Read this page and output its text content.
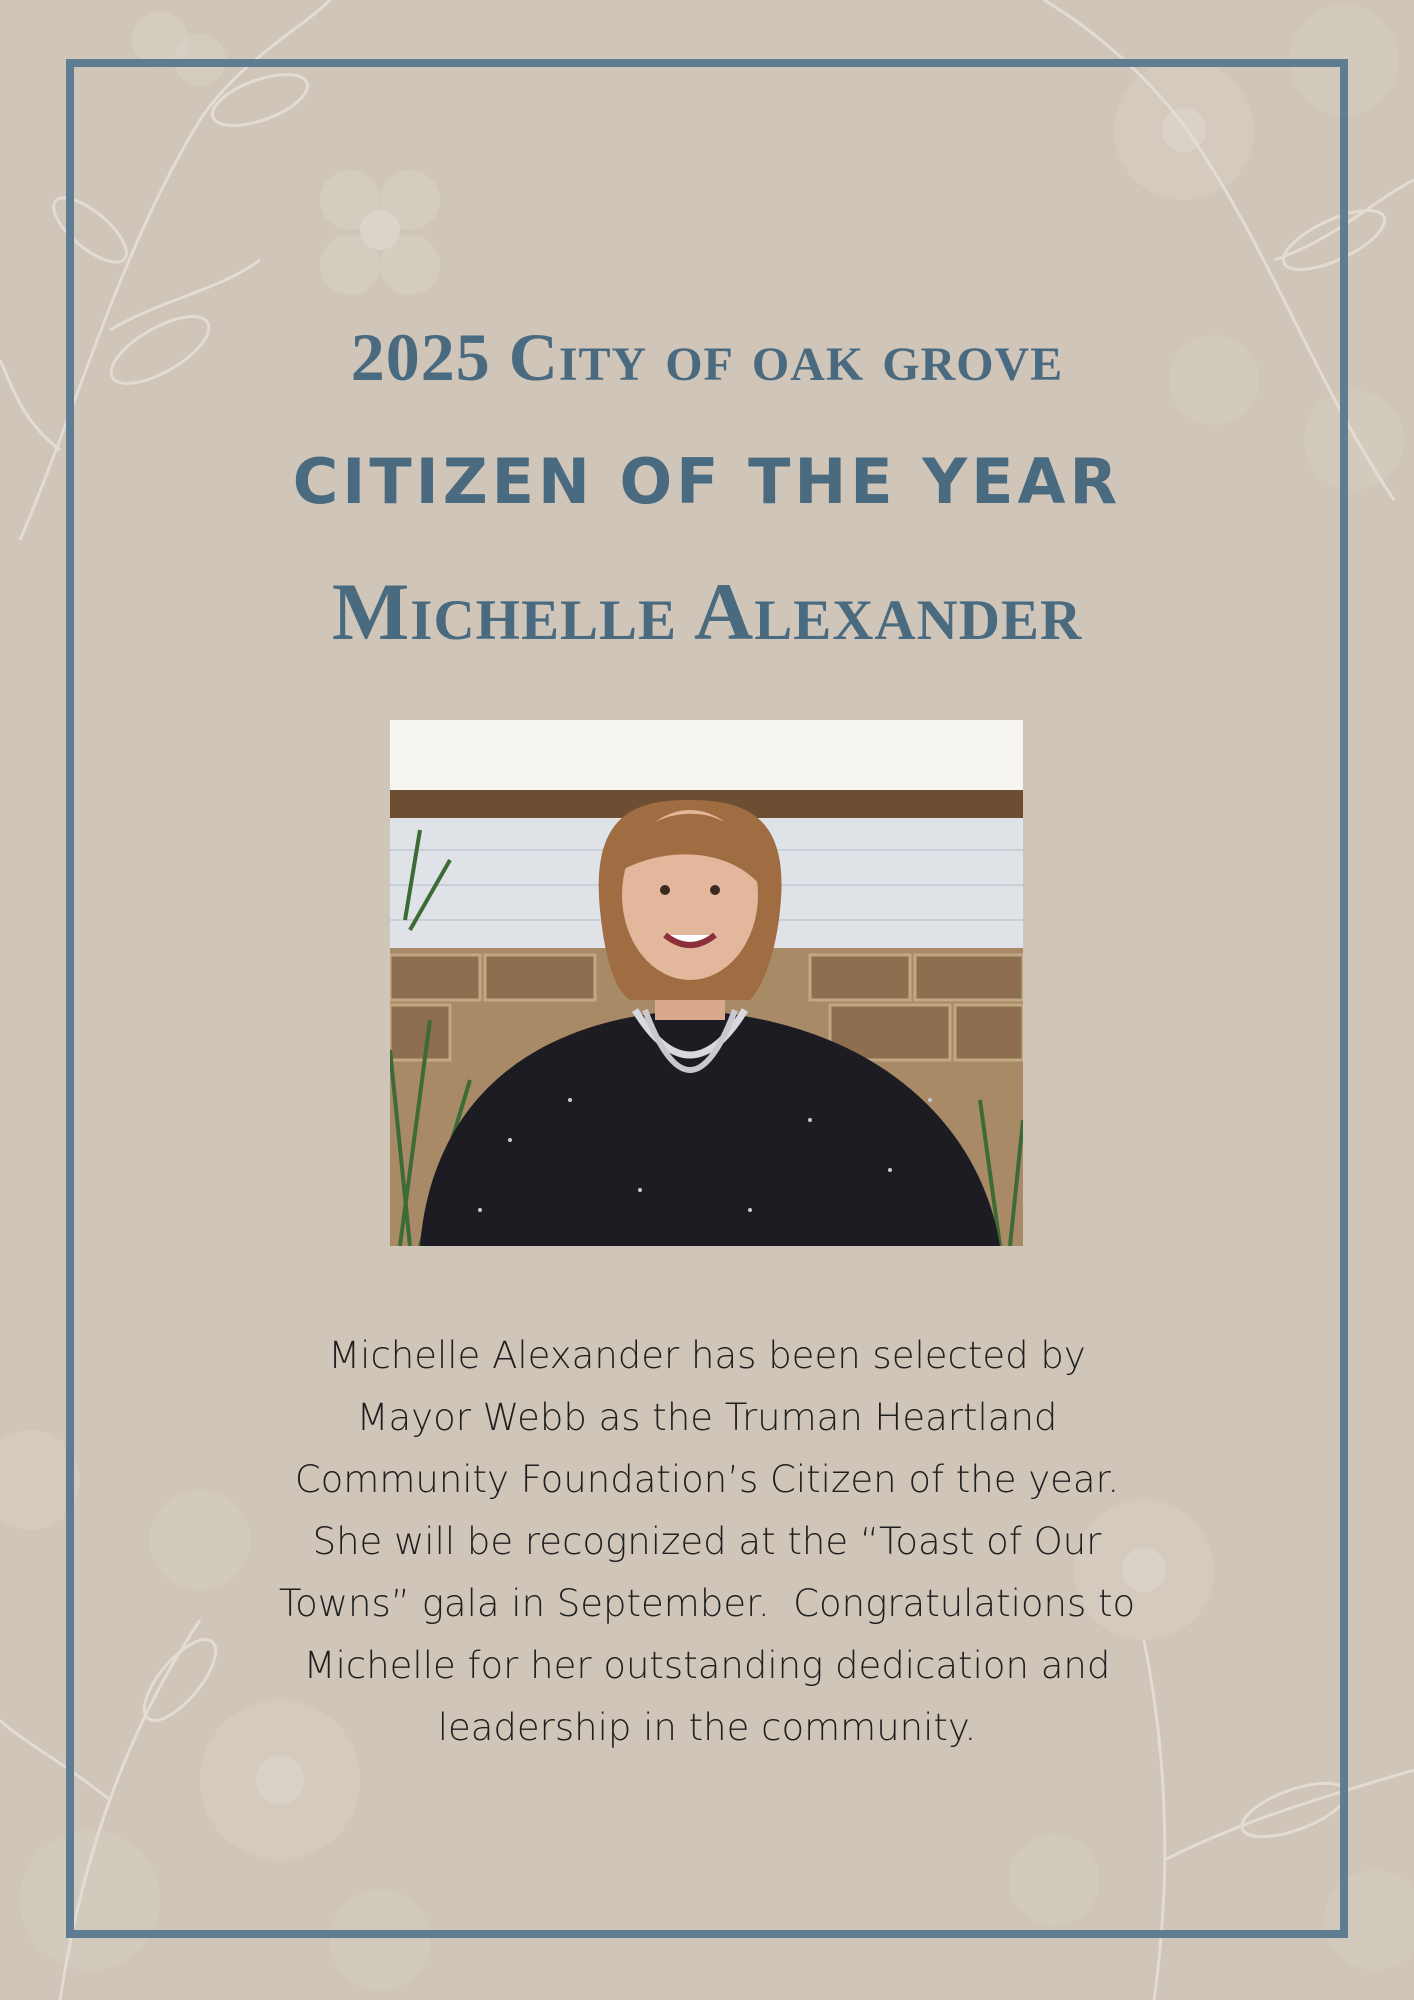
2025 City of oak grove
CITIZEN OF THE YEAR
Michelle Alexander
Michelle Alexander has been selected by
Mayor Webb as the Truman Heartland
Community Foundation’s Citizen of the year.
She will be recognized at the “Toast of Our
Towns” gala in September.  Congratulations to
Michelle for her outstanding dedication and
leadership in the community.
